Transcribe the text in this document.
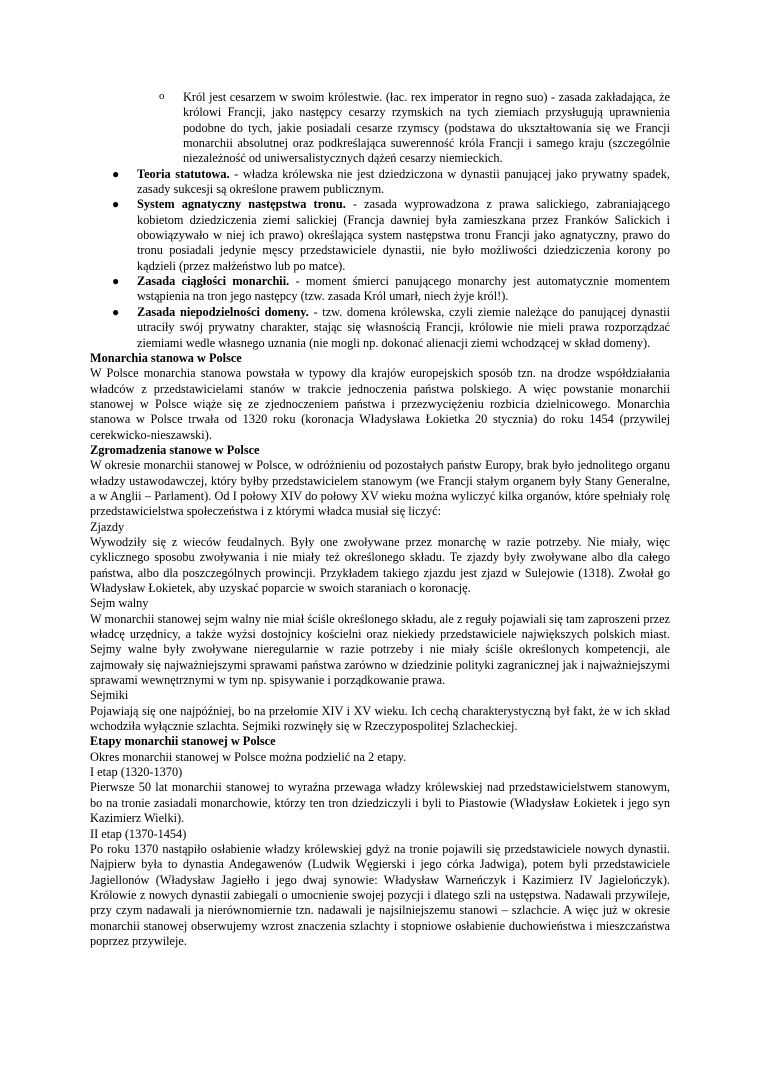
o Król jest cesarzem w swoim królestwie. (łac. rex imperator in regno suo) - zasada zakładająca, że królowi Francji, jako następcy cesarzy rzymskich na tych ziemiach przysługują uprawnienia podobne do tych, jakie posiadali cesarze rzymscy (podstawa do ukształtowania się we Francji monarchii absolutnej oraz podkreślająca suwerenność króla Francji i samego kraju (szczególnie niezależność od uniwersalistycznych dążeń cesarzy niemieckich.

● Teoria statutowa. - władza królewska nie jest dziedziczona w dynastii panującej jako prywatny spadek, zasady sukcesji są określone prawem publicznym.

● System agnatyczny następstwa tronu. - zasada wyprowadzona z prawa salickiego, zabraniającego kobietom dziedziczenia ziemi salickiej (Francja dawniej była zamieszkana przez Franków Salickich i obowiązywało w niej ich prawo) określająca system następstwa tronu Francji jako agnatyczny, prawo do tronu posiadali jedynie męscy przedstawiciele dynastii, nie było możliwości dziedziczenia korony po kądzieli (przez małżeństwo lub po matce).

● Zasada ciągłości monarchii. - moment śmierci panującego monarchy jest automatycznie momentem wstąpienia na tron jego następcy (tzw. zasada Król umarł, niech żyje król!).

● Zasada niepodzielności domeny. - tzw. domena królewska, czyli ziemie należące do panującej dynastii utraciły swój prywatny charakter, stając się własnością Francji, królowie nie mieli prawa rozporządzać ziemiami wedle własnego uznania (nie mogli np. dokonać alienacji ziemi wchodzącej w skład domeny).

Monarchia stanowa w Polsce

W Polsce monarchia stanowa powstała w typowy dla krajów europejskich sposób tzn. na drodze współdziałania władców z przedstawicielami stanów w trakcie jednoczenia państwa polskiego. A więc powstanie monarchii stanowej w Polsce wiąże się ze zjednoczeniem państwa i przezwyciężeniu rozbicia dzielnicowego. Monarchia stanowa w Polsce trwała od 1320 roku (koronacja Władysława Łokietka 20 stycznia) do roku 1454 (przywilej cerekwicko-nieszawski).

Zgromadzenia stanowe w Polsce

W okresie monarchii stanowej w Polsce, w odróżnieniu od pozostałych państw Europy, brak było jednolitego organu władzy ustawodawczej, który byłby przedstawicielem stanowym (we Francji stałym organem były Stany Generalne, a w Anglii – Parlament). Od I połowy XIV do połowy XV wieku można wyliczyć kilka organów, które spełniały rolę przedstawicielstwa społeczeństwa i z którymi władca musiał się liczyć:

Zjazdy

Wywodziły się z wieców feudalnych. Były one zwoływane przez monarchę w razie potrzeby. Nie miały, więc cyklicznego sposobu zwoływania i nie miały też określonego składu. Te zjazdy były zwoływane albo dla całego państwa, albo dla poszczególnych prowincji. Przykładem takiego zjazdu jest zjazd w Sulejowie (1318). Zwołał go Władysław Łokietek, aby uzyskać poparcie w swoich staraniach o koronację.

Sejm walny

W monarchii stanowej sejm walny nie miał ściśle określonego składu, ale z reguły pojawiali się tam zaproszeni przez władcę urzędnicy, a także wyżsi dostojnicy kościelni oraz niekiedy przedstawiciele największych polskich miast. Sejmy walne były zwoływane nieregularnie w razie potrzeby i nie miały ściśle określonych kompetencji, ale zajmowały się najważniejszymi sprawami państwa zarówno w dziedzinie polityki zagranicznej jak i najważniejszymi sprawami wewnętrznymi w tym np. spisywanie i porządkowanie prawa.

Sejmiki

Pojawiają się one najpóźniej, bo na przełomie XIV i XV wieku. Ich cechą charakterystyczną był fakt, że w ich skład wchodziła wyłącznie szlachta. Sejmiki rozwinęły się w Rzeczypospolitej Szlacheckiej.

Etapy monarchii stanowej w Polsce

Okres monarchii stanowej w Polsce można podzielić na 2 etapy.

I etap (1320-1370)

Pierwsze 50 lat monarchii stanowej to wyraźna przewaga władzy królewskiej nad przedstawicielstwem stanowym, bo na tronie zasiadali monarchowie, którzy ten tron dziedziczyli i byli to Piastowie (Władysław Łokietek i jego syn Kazimierz Wielki).

II etap (1370-1454)

Po roku 1370 nastąpiło osłabienie władzy królewskiej gdyż na tronie pojawili się przedstawiciele nowych dynastii. Najpierw była to dynastia Andegawenów (Ludwik Węgierski i jego córka Jadwiga), potem byli przedstawiciele Jagiellonów (Władysław Jagiełło i jego dwaj synowie: Władysław Warneńczyk i Kazimierz IV Jagielończyk). Królowie z nowych dynastii zabiegali o umocnienie swojej pozycji i dlatego szli na ustępstwa. Nadawali przywileje, przy czym nadawali ja nierównomiernie tzn. nadawali je najsilniejszemu stanowi – szlachcie. A więc już w okresie monarchii stanowej obserwujemy wzrost znaczenia szlachty i stopniowe osłabienie duchowieństwa i mieszczaństwa poprzez przywileje.
